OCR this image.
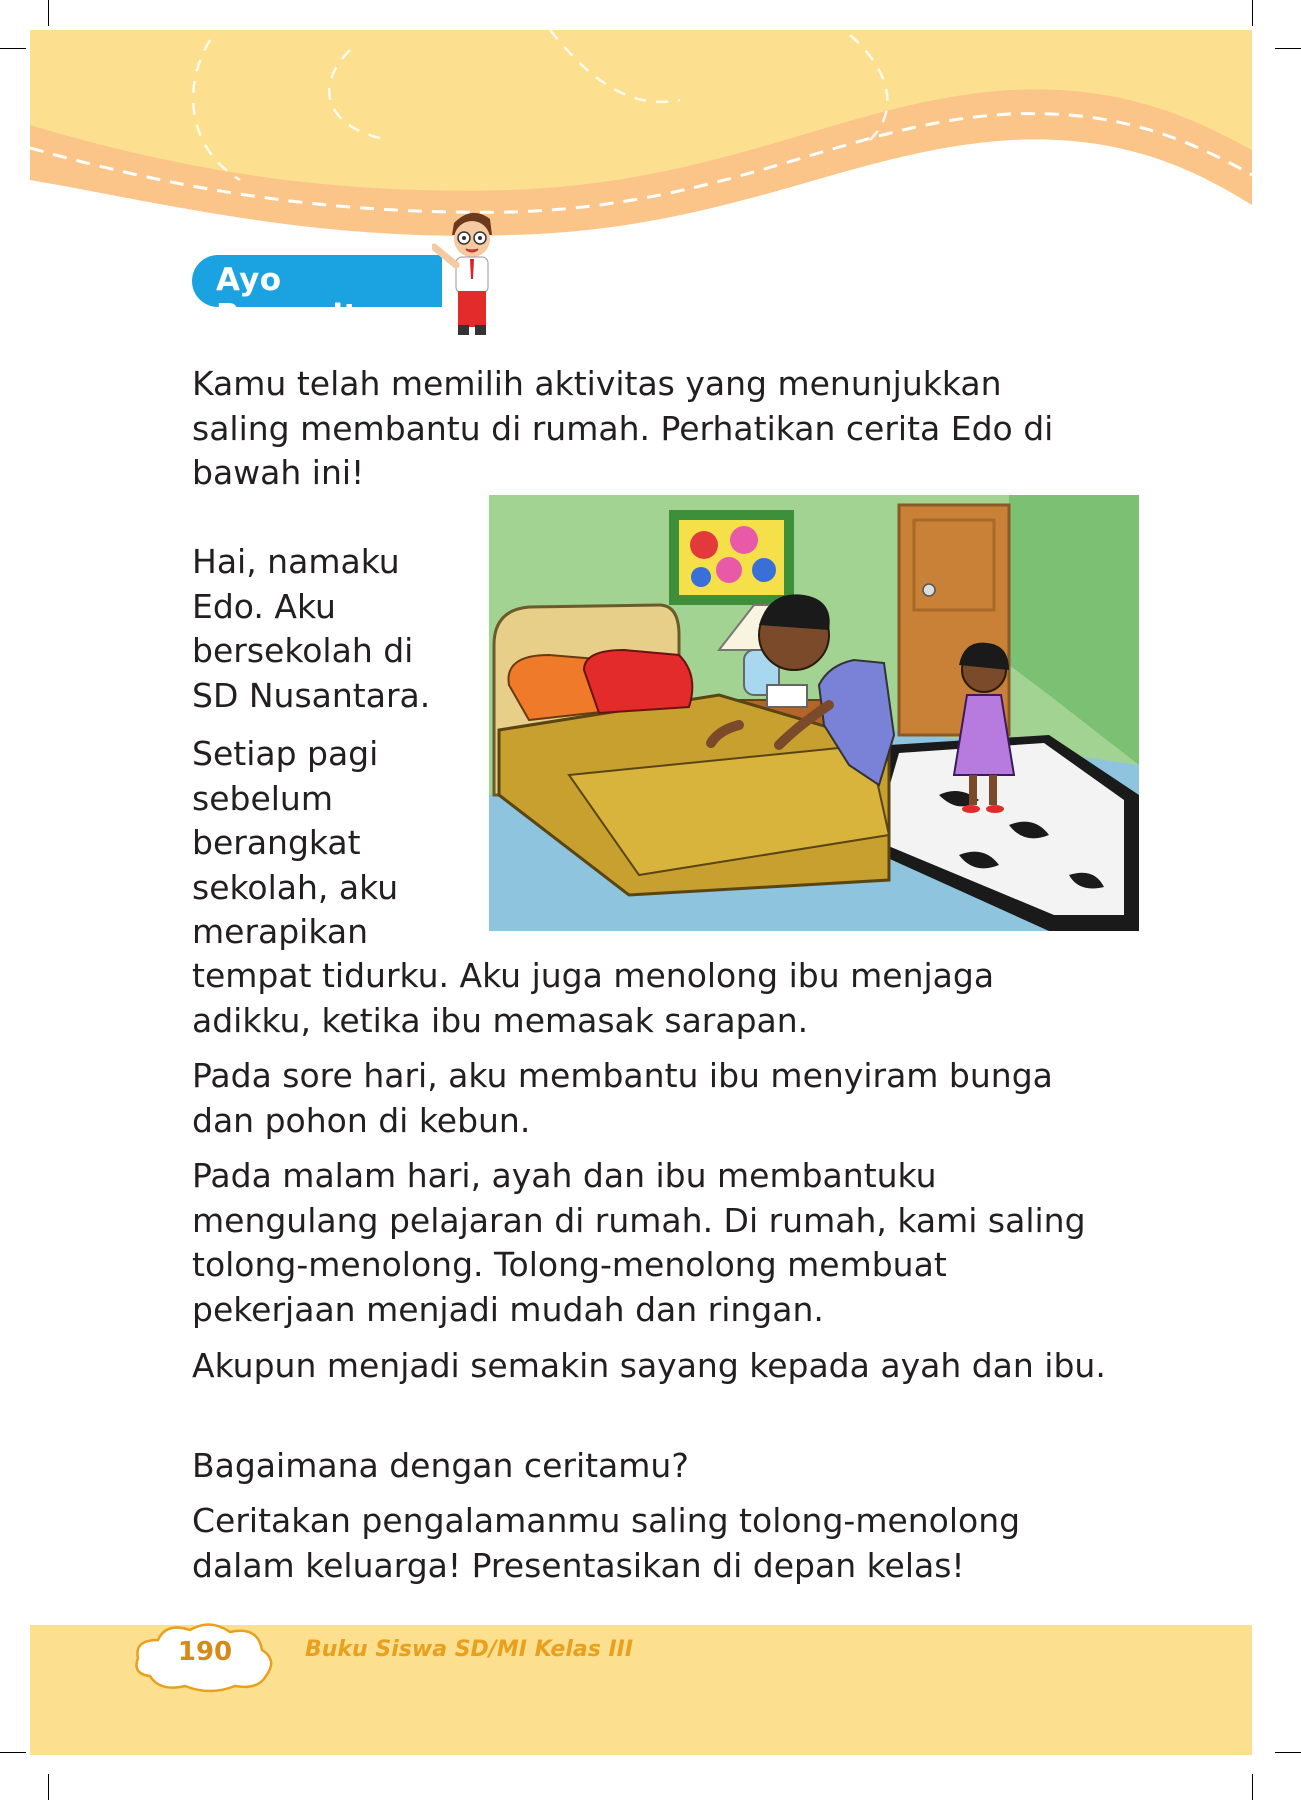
Ayo Bercerita

Kamu telah memilih aktivitas yang menunjukkan saling membantu di rumah. Perhatikan cerita Edo di bawah ini!

Hai, namaku Edo. Aku bersekolah di SD Nusantara.

Setiap pagi sebelum berangkat sekolah, aku merapikan

tempat tidurku. Aku juga menolong ibu menjaga adikku, ketika ibu memasak sarapan.

Pada sore hari, aku membantu ibu menyiram bunga dan pohon di kebun.

Pada malam hari, ayah dan ibu membantuku mengulang pelajaran di rumah. Di rumah, kami saling tolong-menolong. Tolong-menolong membuat pekerjaan menjadi mudah dan ringan.

Akupun menjadi semakin sayang kepada ayah dan ibu.

Bagaimana dengan ceritamu?

Ceritakan pengalamanmu saling tolong-menolong dalam keluarga! Presentasikan di depan kelas!

190	Buku Siswa SD/MI Kelas III
